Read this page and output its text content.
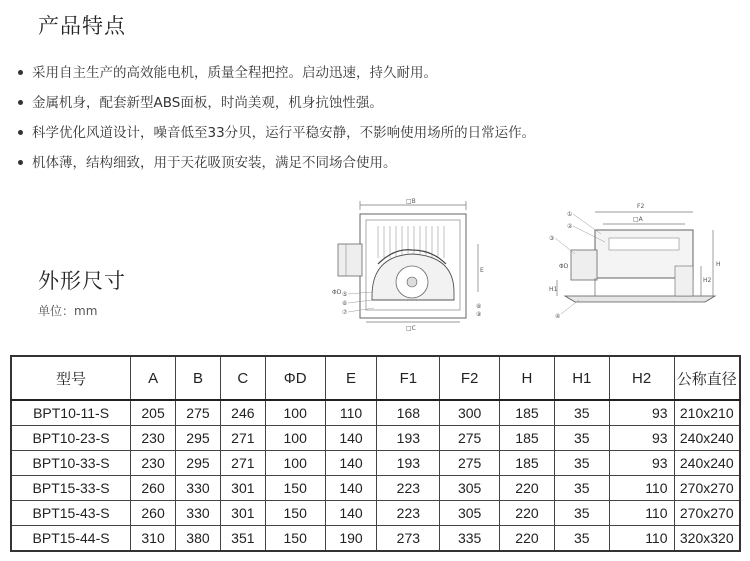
产品特点
采用自主生产的高效能电机，质量全程把控。启动迅速，持久耐用。
金属机身，配套新型ABS面板，时尚美观，机身抗蚀性强。
科学优化风道设计，噪音低至33分贝，运行平稳安静，不影响使用场所的日常运作。
机体薄，结构细致，用于天花吸顶安装，满足不同场合使用。
外形尺寸
单位：mm
□B
E
ΦD
□C
⑤
⑥
⑦
⑧
⑨
F2
□A
H
H2
H1
ΦD
①
②
③
④
型号	A	B	C	ΦD	E	F1	F2	H	H1	H2	公称直径
BPT10-11-S	205	275	246	100	110	168	300	185	35	93	210x210
BPT10-23-S	230	295	271	100	140	193	275	185	35	93	240x240
BPT10-33-S	230	295	271	100	140	193	275	185	35	93	240x240
BPT15-33-S	260	330	301	150	140	223	305	220	35	110	270x270
BPT15-43-S	260	330	301	150	140	223	305	220	35	110	270x270
BPT15-44-S	310	380	351	150	190	273	335	220	35	110	320x320
